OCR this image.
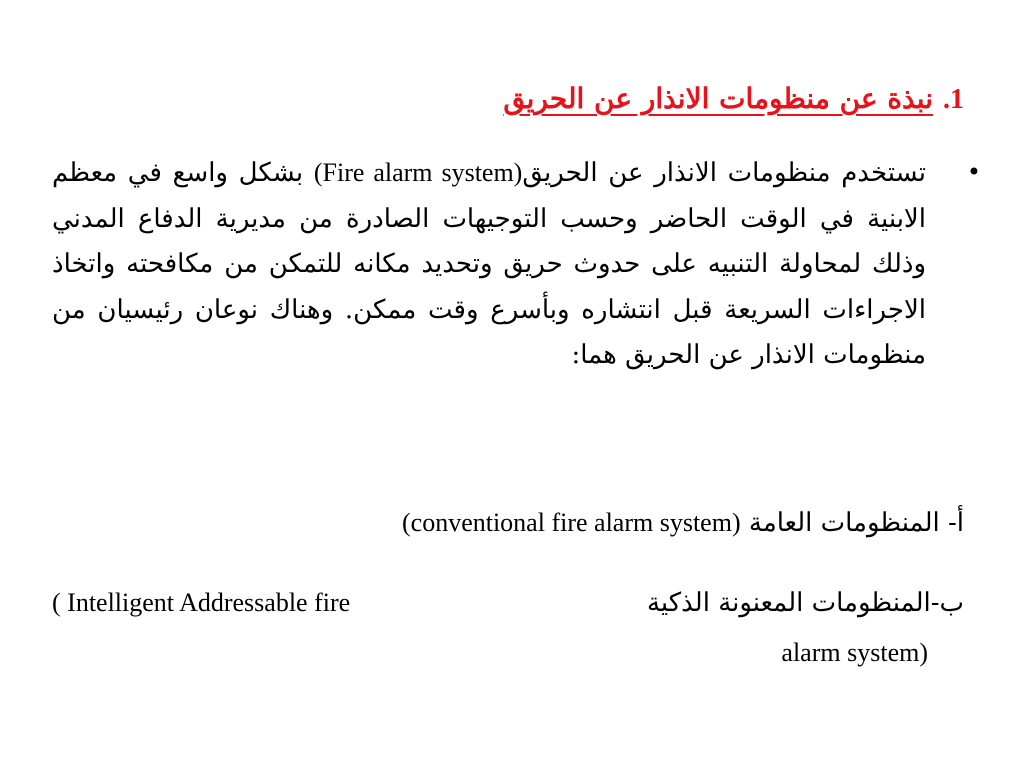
1.نبذة عن منظومات الانذار عن الحريق
•
تستخدم منظومات الانذار عن الحريق(Fire alarm system) بشكل واسع في معظم الابنية في الوقت الحاضر وحسب التوجيهات الصادرة من مديرية الدفاع المدني وذلك لمحاولة التنبيه على حدوث حريق وتحديد مكانه للتمكن من مكافحته واتخاذ الاجراءات السريعة قبل انتشاره وبأسرع وقت ممكن. وهناك نوعان رئيسيان من منظومات الانذار عن الحريق هما:
أ- المنظومات العامة (conventional fire alarm system)
ب-المنظومات المعنونة الذكية
( Intelligent Addressable fire
alarm system)
